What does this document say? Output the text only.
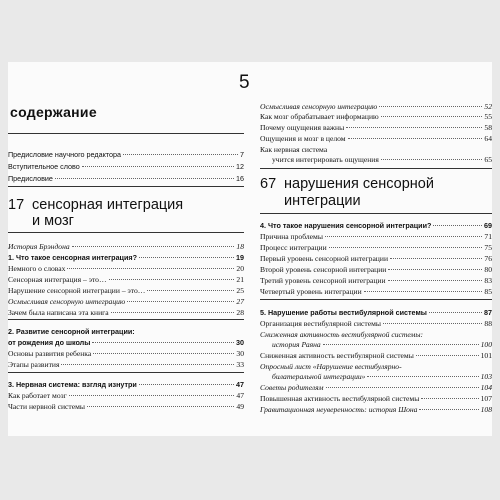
5
содержание
Предисловие научного редактора	7
Вступительное слово	12
Предисловие	16
17 сенсорная интеграция
и мозг
История Брэндона	18
1. Что такое сенсорная интеграция?	19
Немного о словах	20
Сенсорная интеграция – это…	21
Нарушение сенсорной интеграции – это…	25
Осмысливая сенсорную интеграцию	27
Зачем была написана эта книга	28
2. Развитие сенсорной интеграции:
от рождения до школы	30
Основы развития ребенка	30
Этапы развития	33
3. Нервная система: взгляд изнутри	47
Как работает мозг	47
Части нервной системы	49
Осмысливая сенсорную интеграцию	52
Как мозг обрабатывает информацию	55
Почему ощущения важны	58
Ощущения и мозг в целом	64
Как нервная система
учится интегрировать ощущения	65
67 нарушения сенсорной
интеграции
4. Что такое нарушения сенсорной интеграции?	69
Причина проблемы	71
Процесс интеграции	75
Первый уровень сенсорной интеграции	76
Второй уровень сенсорной интеграции	80
Третий уровень сенсорной интеграции	83
Четвертый уровень интеграции	85
5. Нарушение работы вестибулярной системы	87
Организация вестибулярной системы	88
Сниженная активность вестибулярной системы:
история Раяна	100
Сниженная активность вестибулярной системы	101
Опросный лист «Нарушение вестибулярно-
билатеральной интеграции»	103
Советы родителям	104
Повышенная активность вестибулярной системы	107
Гравитационная неуверенность: история Шона	108
